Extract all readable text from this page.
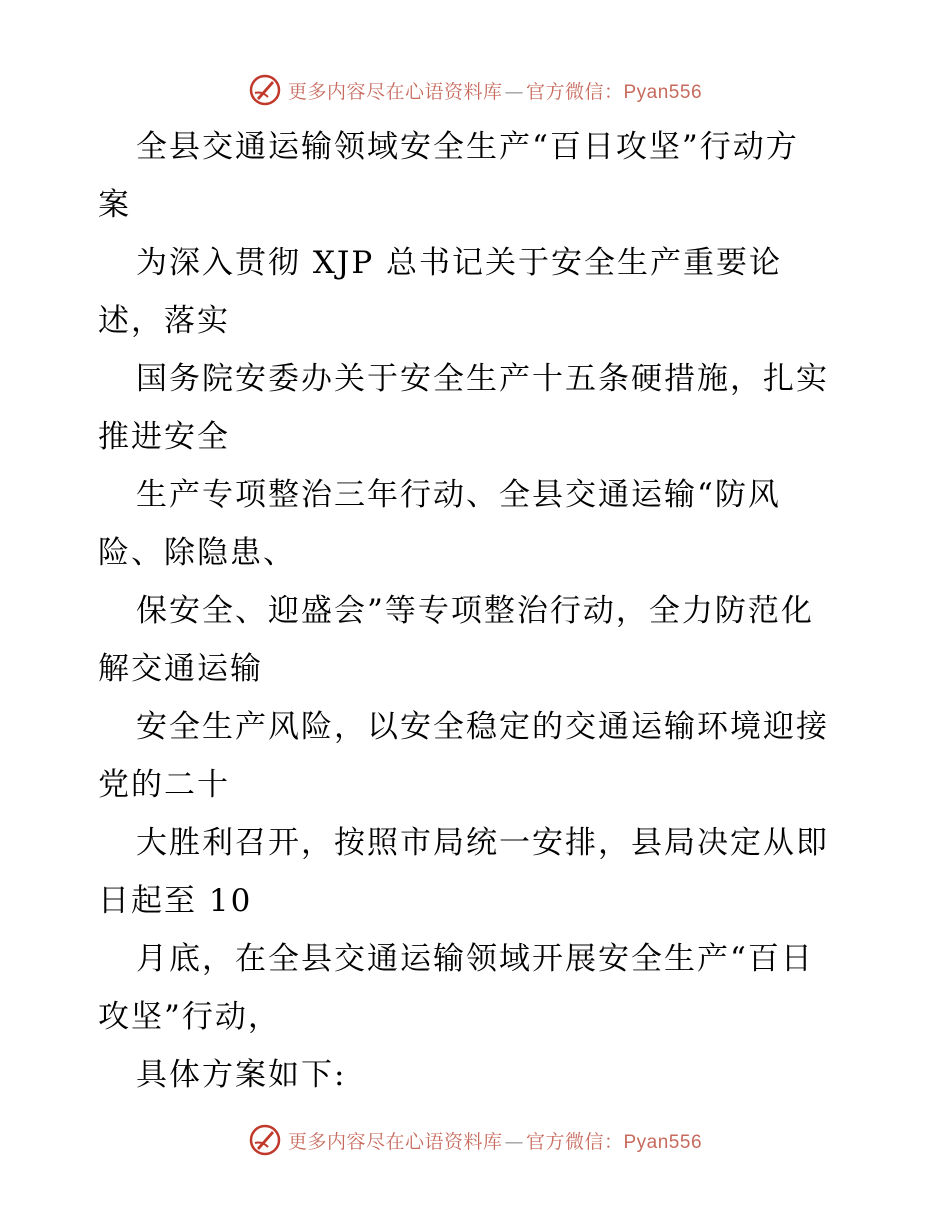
更多内容尽在心语资料库 — 官方微信：Pyan556
全县交通运输领域安全生产“百日攻坚”行动方
案
为深入贯彻 XJP 总书记关于安全生产重要论
述，落实
国务院安委办关于安全生产十五条硬措施，扎实
推进安全
生产专项整治三年行动、全县交通运输“防风
险、除隐患、
保安全、迎盛会”等专项整治行动，全力防范化
解交通运输
安全生产风险，以安全稳定的交通运输环境迎接
党的二十
大胜利召开，按照市局统一安排，县局决定从即
日起至 10
月底，在全县交通运输领域开展安全生产“百日
攻坚”行动，
具体方案如下:
更多内容尽在心语资料库 — 官方微信：Pyan556
